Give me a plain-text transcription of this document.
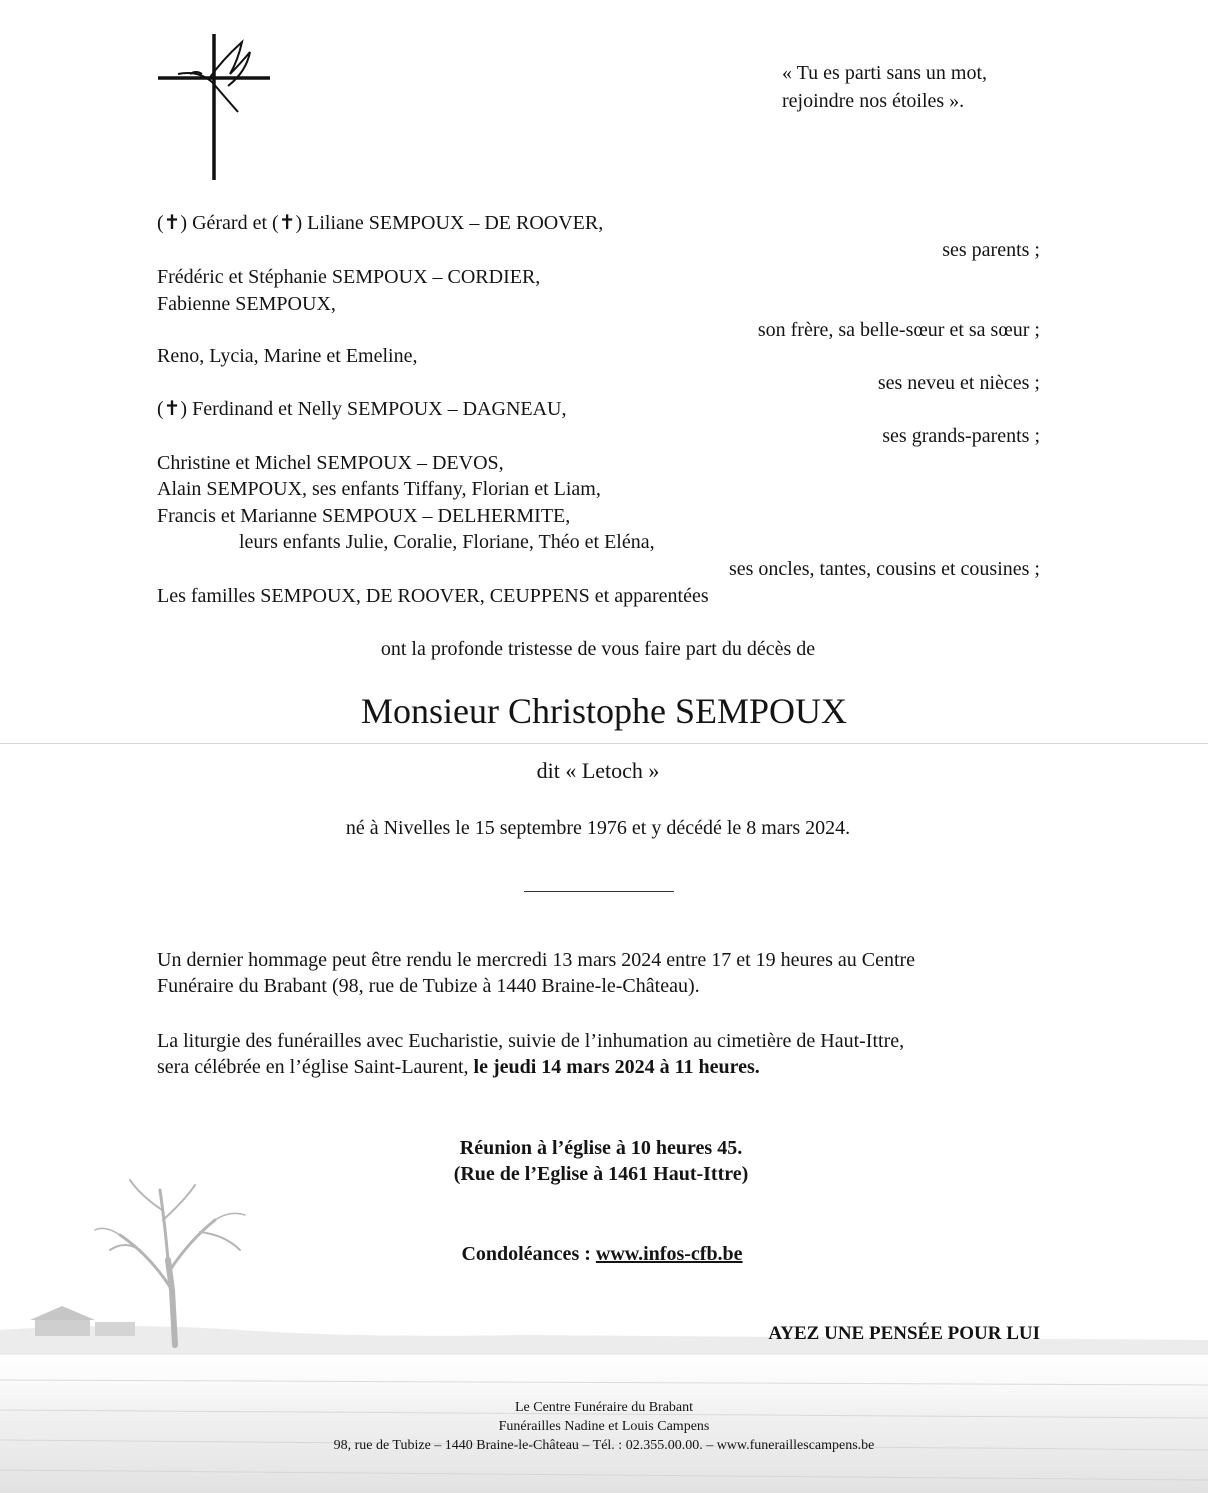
« Tu es parti sans un mot,
rejoindre nos étoiles ».
(✝) Gérard et (✝) Liliane SEMPOUX – DE ROOVER,
ses parents ;
Frédéric et Stéphanie SEMPOUX – CORDIER,
Fabienne SEMPOUX,
son frère, sa belle-sœur et sa sœur ;
Reno, Lycia, Marine et Emeline,
ses neveu et nièces ;
(✝) Ferdinand et Nelly SEMPOUX – DAGNEAU,
ses grands-parents ;
Christine et Michel SEMPOUX – DEVOS,
Alain SEMPOUX, ses enfants Tiffany, Florian et Liam,
Francis et Marianne SEMPOUX – DELHERMITE,
leurs enfants Julie, Coralie, Floriane, Théo et Eléna,
ses oncles, tantes, cousins et cousines ;
Les familles SEMPOUX, DE ROOVER, CEUPPENS et apparentées
ont la profonde tristesse de vous faire part du décès de
Monsieur Christophe SEMPOUX
dit « Letoch »
né à Nivelles le 15 septembre 1976 et y décédé le 8 mars 2024.
Un dernier hommage peut être rendu le mercredi 13 mars 2024 entre 17 et 19 heures au Centre
Funéraire du Brabant (98, rue de Tubize à 1440 Braine-le-Château).
La liturgie des funérailles avec Eucharistie, suivie de l’inhumation au cimetière de Haut-Ittre,
sera célébrée en l’église Saint-Laurent, le jeudi 14 mars 2024 à 11 heures.
Réunion à l’église à 10 heures 45.
(Rue de l’Eglise à 1461 Haut-Ittre)
Condoléances : www.infos-cfb.be
AYEZ UNE PENSÉE POUR LUI
Le Centre Funéraire du Brabant
Funérailles Nadine et Louis Campens
98, rue de Tubize – 1440 Braine-le-Château – Tél. : 02.355.00.00. – www.funeraillescampens.be
